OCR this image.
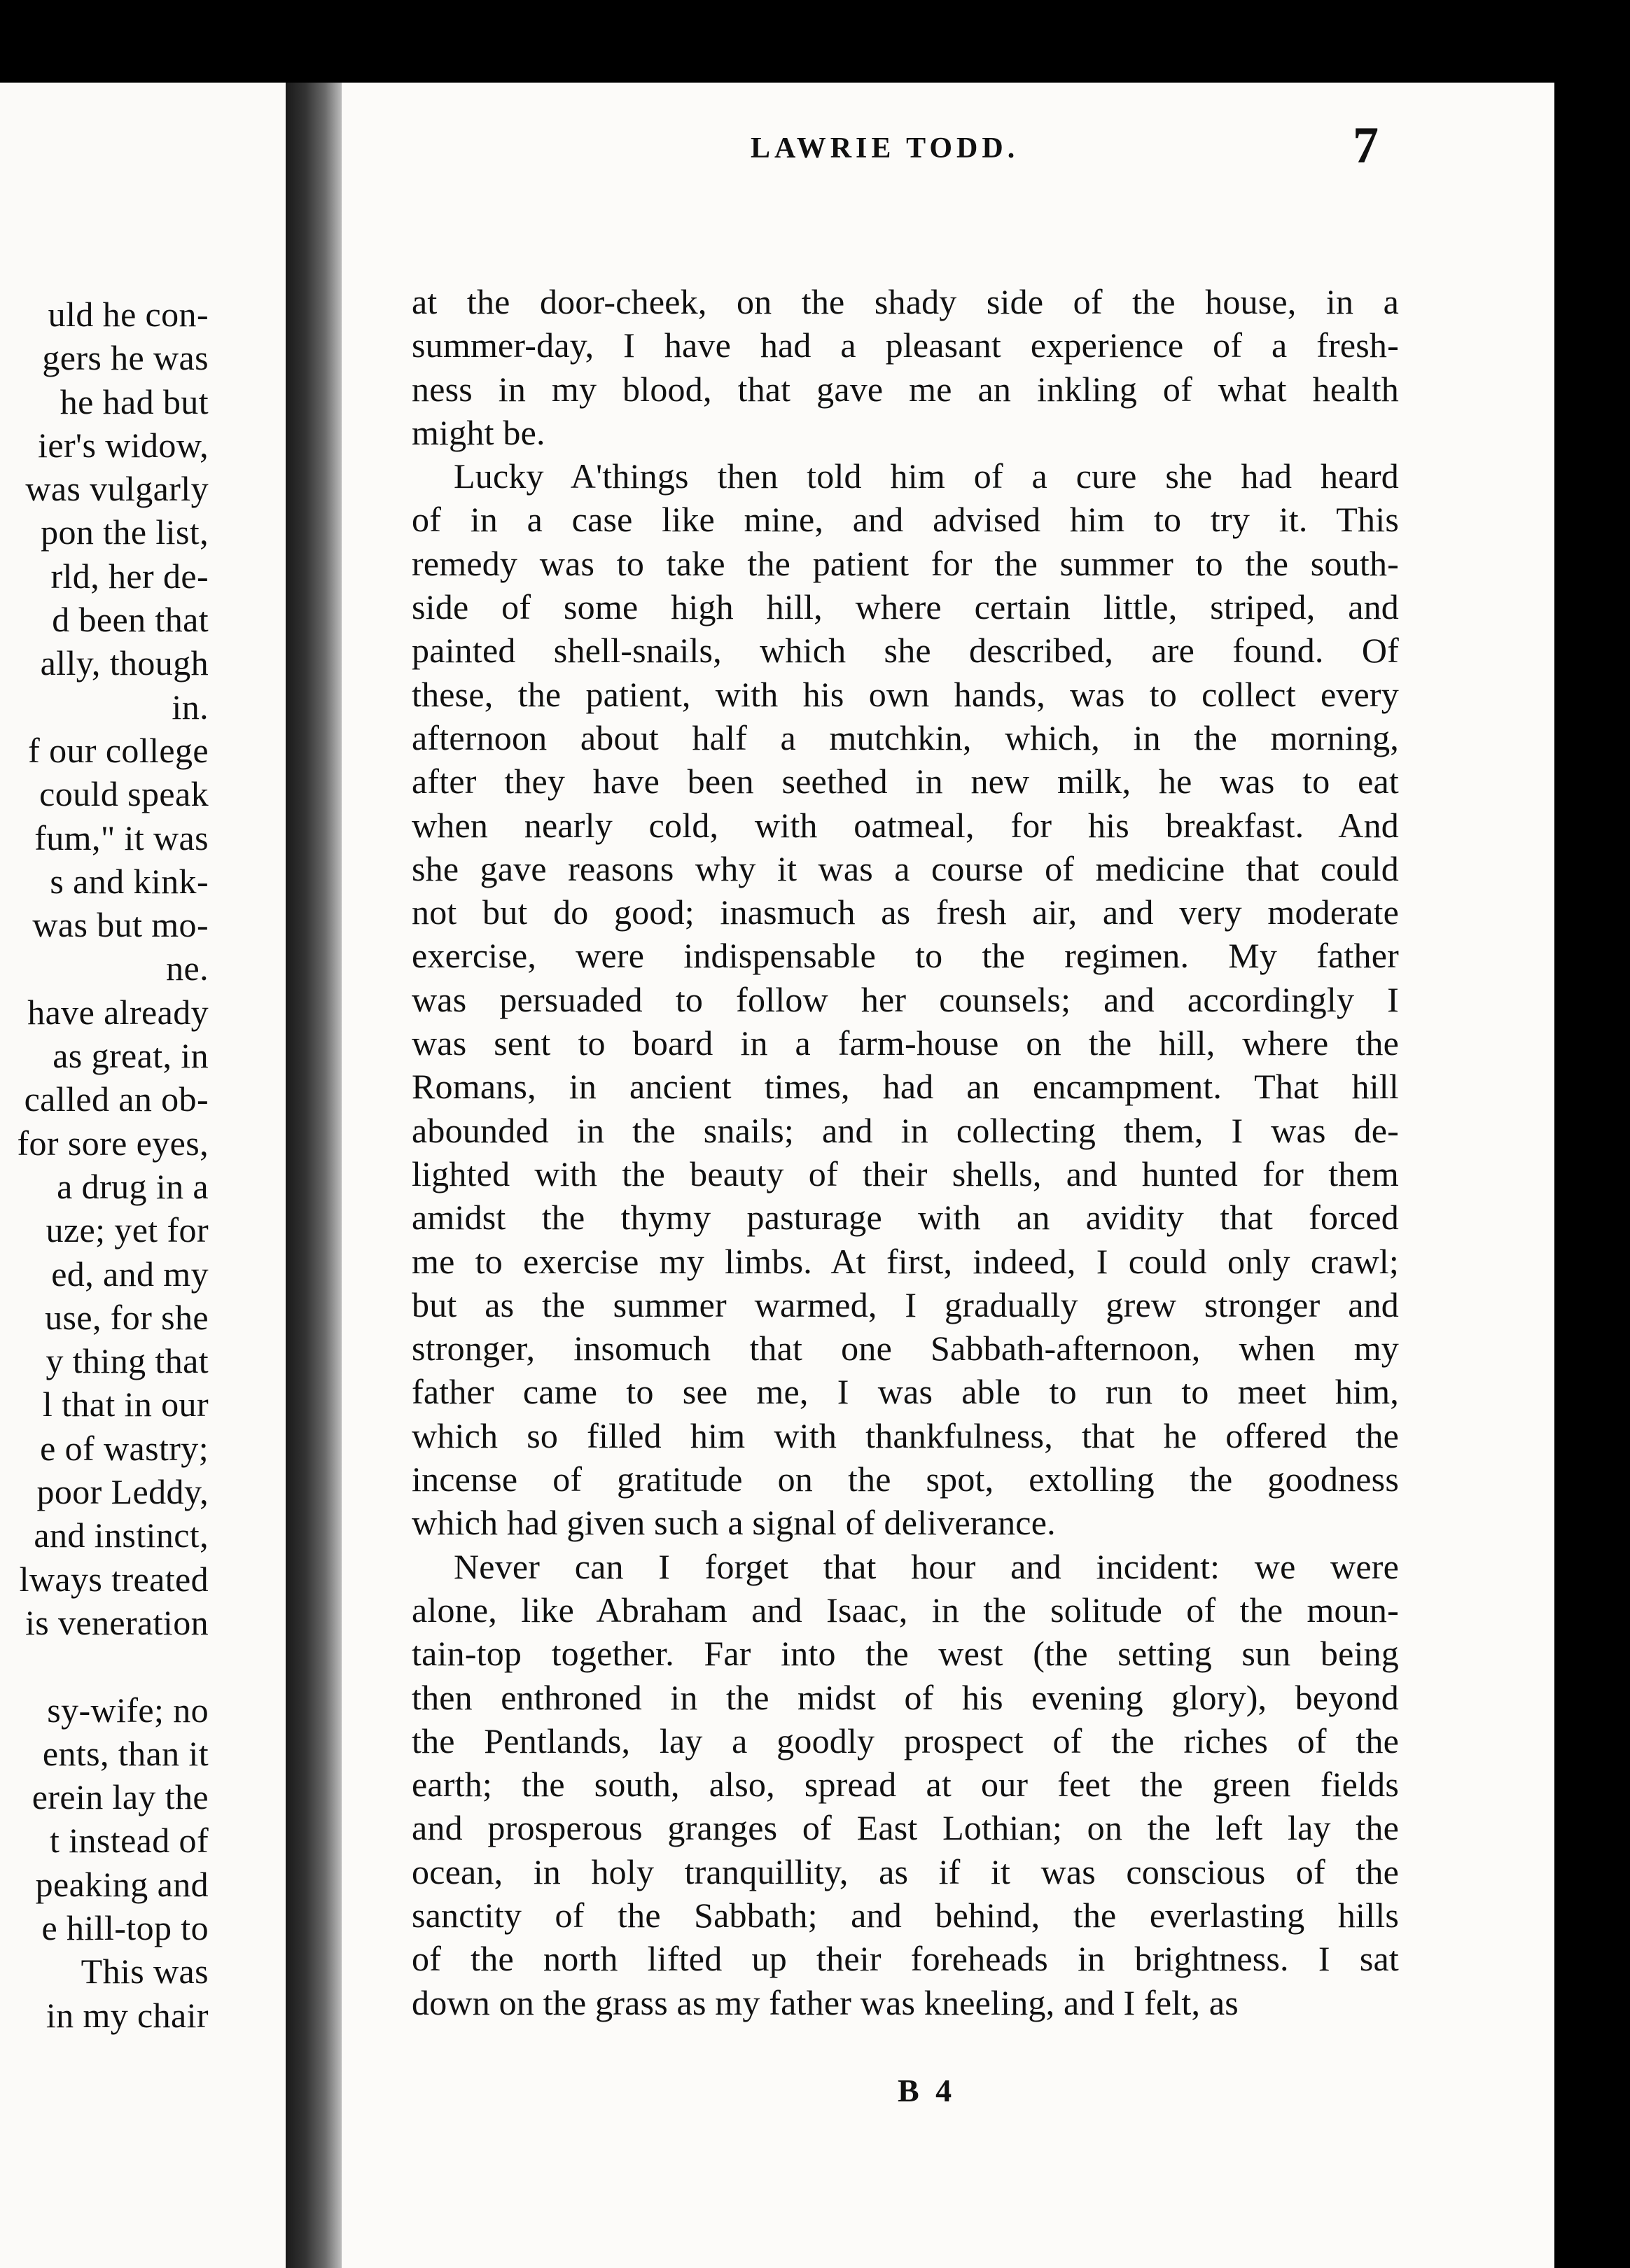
uld he con-
gers he was
he had but
ier's widow,
was vulgarly
pon the list,
rld, her de-
d been that
ally, though
in.
f our college
could speak
fum," it was
s and kink-
was but mo-
ne.
have already
as great, in
called an ob-
for sore eyes,
a drug in a
uze; yet for
ed, and my
use, for she
y thing that
l that in our
e of wastry;
poor Leddy,
and instinct,
lways treated
is veneration
sy-wife; no
ents, than it
erein lay the
t instead of
peaking and
e hill-top to
This was
in my chair
LAWRIE TODD.	7
at the door-cheek, on the shady side of the house, in a
summer-day, I have had a pleasant experience of a fresh-
ness in my blood, that gave me an inkling of what health
might be.
Lucky A'things then told him of a cure she had heard
of in a case like mine, and advised him to try it. This
remedy was to take the patient for the summer to the south-
side of some high hill, where certain little, striped, and
painted shell-snails, which she described, are found. Of
these, the patient, with his own hands, was to collect every
afternoon about half a mutchkin, which, in the morning,
after they have been seethed in new milk, he was to eat
when nearly cold, with oatmeal, for his breakfast. And
she gave reasons why it was a course of medicine that could
not but do good; inasmuch as fresh air, and very moderate
exercise, were indispensable to the regimen. My father
was persuaded to follow her counsels; and accordingly I
was sent to board in a farm-house on the hill, where the
Romans, in ancient times, had an encampment. That hill
abounded in the snails; and in collecting them, I was de-
lighted with the beauty of their shells, and hunted for them
amidst the thymy pasturage with an avidity that forced
me to exercise my limbs. At first, indeed, I could only crawl;
but as the summer warmed, I gradually grew stronger and
stronger, insomuch that one Sabbath-afternoon, when my
father came to see me, I was able to run to meet him,
which so filled him with thankfulness, that he offered the
incense of gratitude on the spot, extolling the goodness
which had given such a signal of deliverance.
Never can I forget that hour and incident: we were
alone, like Abraham and Isaac, in the solitude of the moun-
tain-top together. Far into the west (the setting sun being
then enthroned in the midst of his evening glory), beyond
the Pentlands, lay a goodly prospect of the riches of the
earth; the south, also, spread at our feet the green fields
and prosperous granges of East Lothian; on the left lay the
ocean, in holy tranquillity, as if it was conscious of the
sanctity of the Sabbath; and behind, the everlasting hills
of the north lifted up their foreheads in brightness. I sat
down on the grass as my father was kneeling, and I felt, as
B 4
